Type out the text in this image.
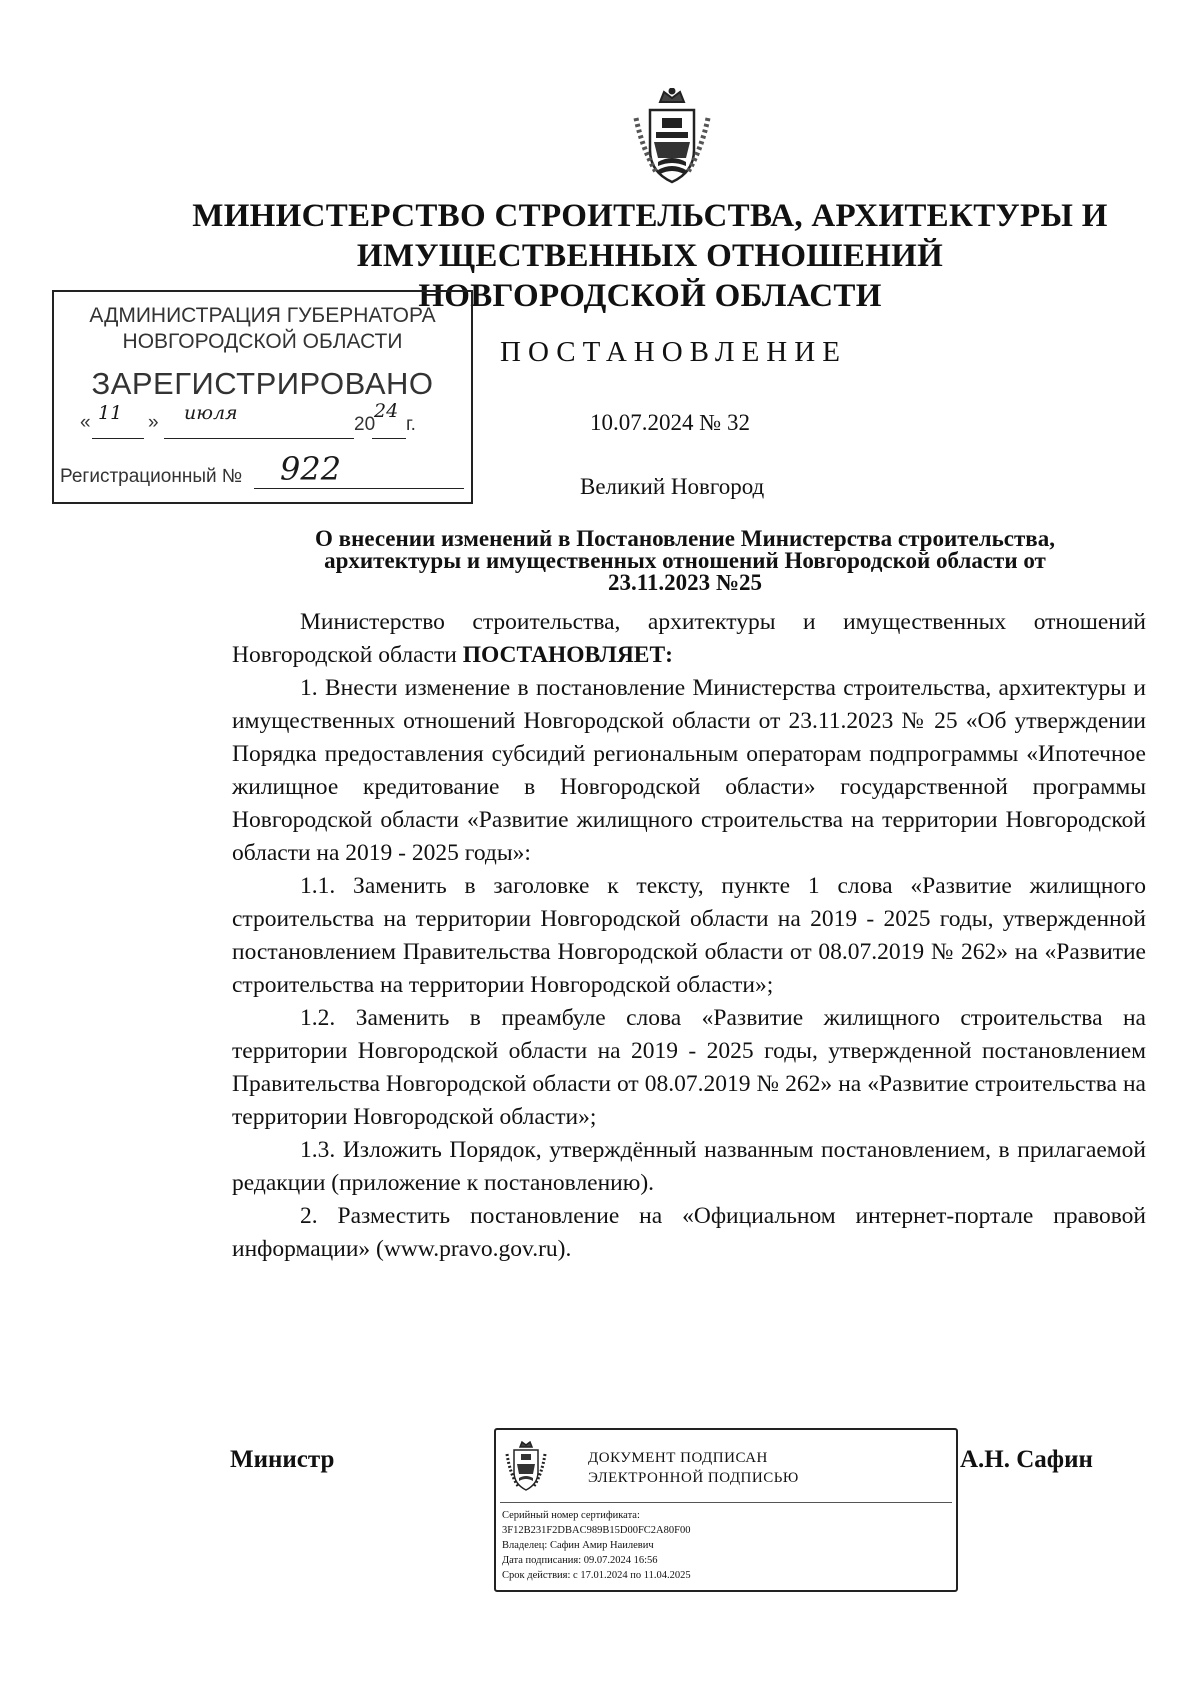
МИНИСТЕРСТВО СТРОИТЕЛЬСТВА, АРХИТЕКТУРЫ И
ИМУЩЕСТВЕННЫХ ОТНОШЕНИЙ
НОВГОРОДСКОЙ ОБЛАСТИ
АДМИНИСТРАЦИЯ ГУБЕРНАТОРА
НОВГОРОДСКОЙ ОБЛАСТИ
ЗАРЕГИСТРИРОВАНО
« 11 » июля
20
24
г.
Регистрационный № 922
ПОСТАНОВЛЕНИЕ
10.07.2024 № 32
Великий Новгород
О внесении изменений в Постановление Министерства строительства,
архитектуры и имущественных отношений Новгородской области от
23.11.2023 №25

Министерство строительства, архитектуры и имущественных отношений Новгородской области ПОСТАНОВЛЯЕТ:

1. Внести изменение в постановление Министерства строительства, архитектуры и имущественных отношений Новгородской области от 23.11.2023 № 25 «Об утверждении Порядка предоставления субсидий региональным операторам подпрограммы «Ипотечное жилищное кредитование в Новгородской области» государственной программы Новгородской области «Развитие жилищного строительства на территории Новгородской области на 2019 - 2025 годы»:

1.1. Заменить в заголовке к тексту, пункте 1 слова «Развитие жилищного строительства на территории Новгородской области на 2019 - 2025 годы, утвержденной постановлением Правительства Новгородской области от 08.07.2019 № 262» на «Развитие строительства на территории Новгородской области»;

1.2. Заменить в преамбуле слова «Развитие жилищного строительства на территории Новгородской области на 2019 - 2025 годы, утвержденной постановлением Правительства Новгородской области от 08.07.2019 № 262» на «Развитие строительства на территории Новгородской области»;

1.3. Изложить Порядок, утверждённый названным постановлением, в прилагаемой редакции (приложение к постановлению).

2. Разместить постановление на «Официальном интернет-портале правовой информации» (www.pravo.gov.ru).

Министр	А.Н. Сафин
ДОКУМЕНТ ПОДПИСАН
ЭЛЕКТРОННОЙ ПОДПИСЬЮ
Серийный номер сертификата:
3F12B231F2DBAC989B15D00FC2A80F00
Владелец: Сафин Амир Наилевич
Дата подписания: 09.07.2024 16:56
Срок действия: с 17.01.2024 по 11.04.2025
